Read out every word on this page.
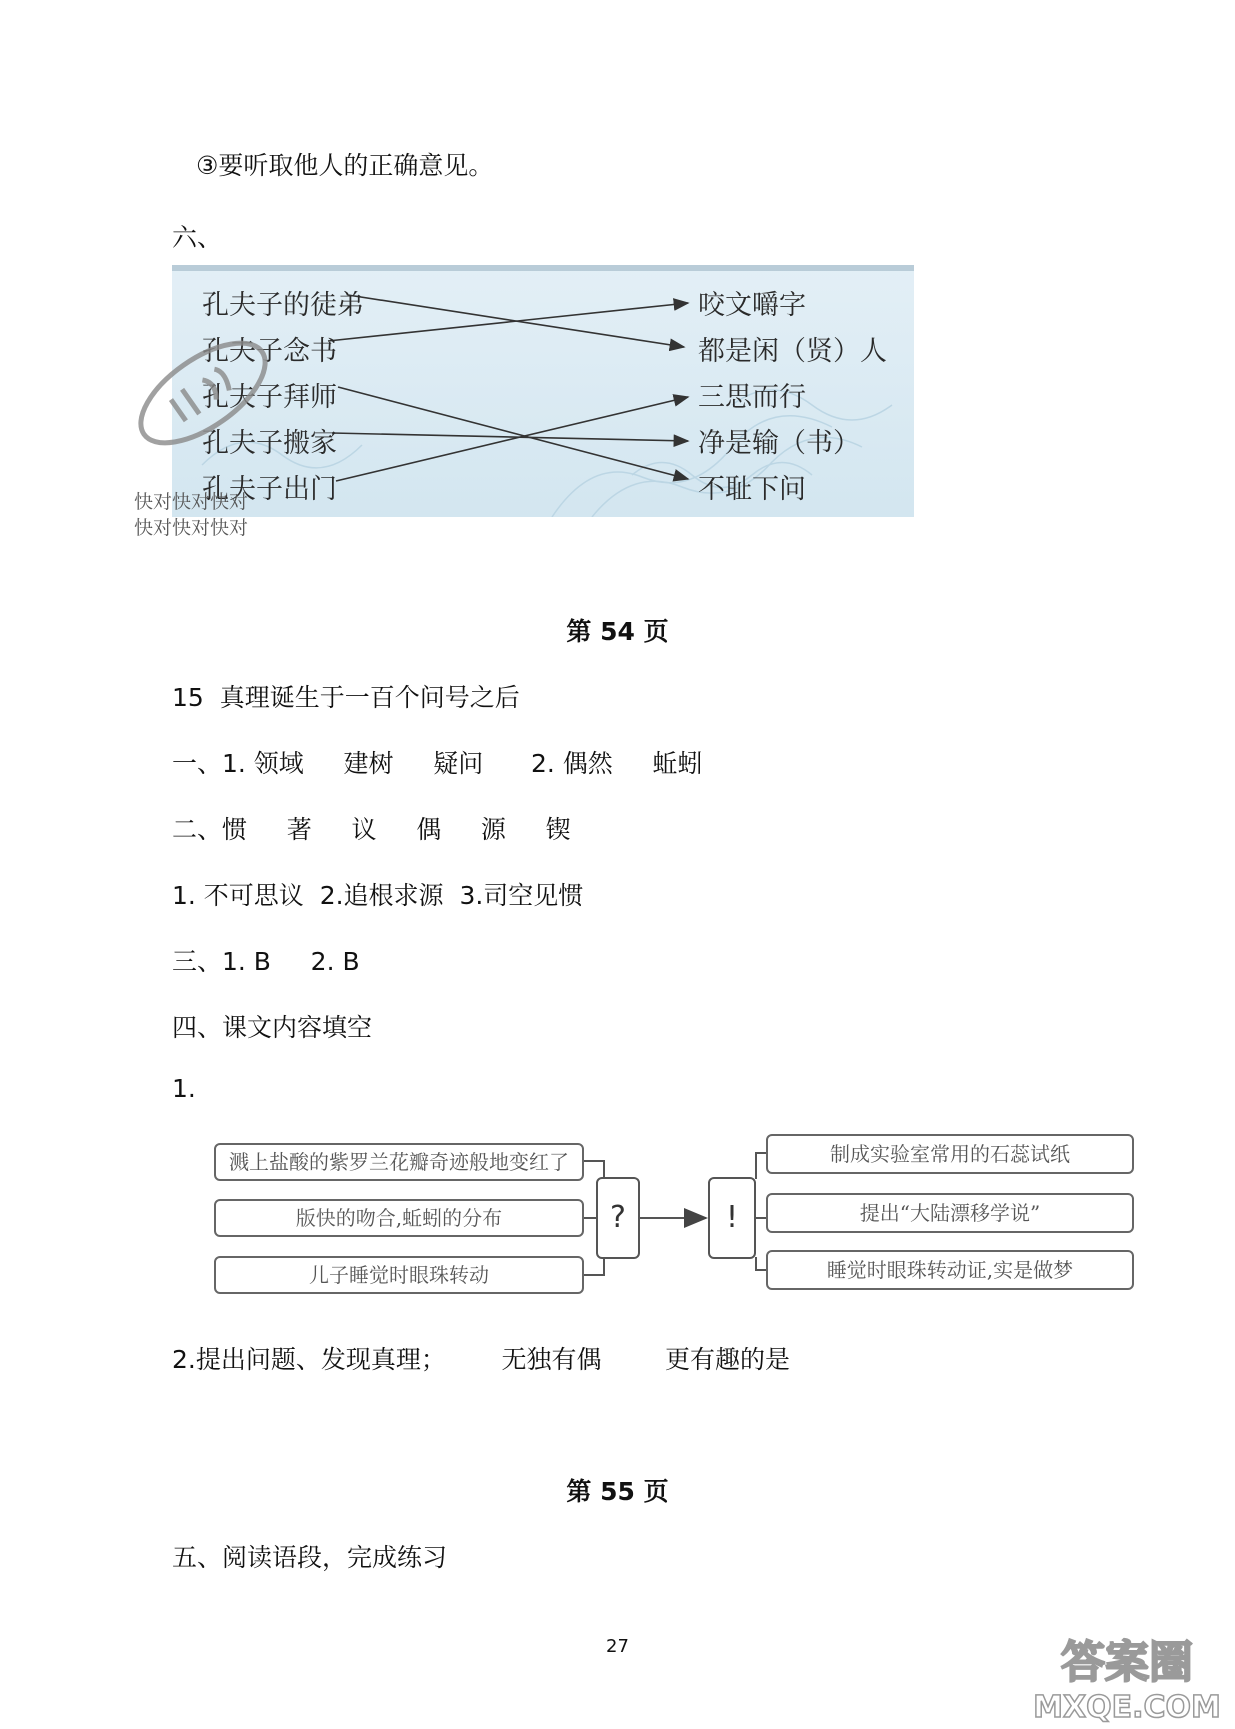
③要听取他人的正确意见。
六、
孔夫子的徒弟
孔夫子念书
孔夫子拜师
孔夫子搬家
孔夫子出门
咬文嚼字
都是闲（贤）人
三思而行
净是输（书）
不耻下问
快对快对快对
快对快对快对
第 54 页
15  真理诞生于一百个问号之后
一、1. 领域     建树     疑问      2. 偶然     蚯蚓
二、惯     著     议     偶     源     锲
1. 不可思议  2.追根求源  3.司空见惯
三、1. B     2. B
四、课文内容填空
1.
溅上盐酸的紫罗兰花瓣奇迹般地变红了
版快的吻合,蚯蚓的分布
儿子睡觉时眼珠转动
?	!
制成实验室常用的石蕊试纸
提出“大陆漂移学说”
睡觉时眼珠转动证,实是做梦
2.提出问题、发现真理；       无独有偶        更有趣的是
第 55 页
五、阅读语段，完成练习
27	答案圈
MXQE.COM
